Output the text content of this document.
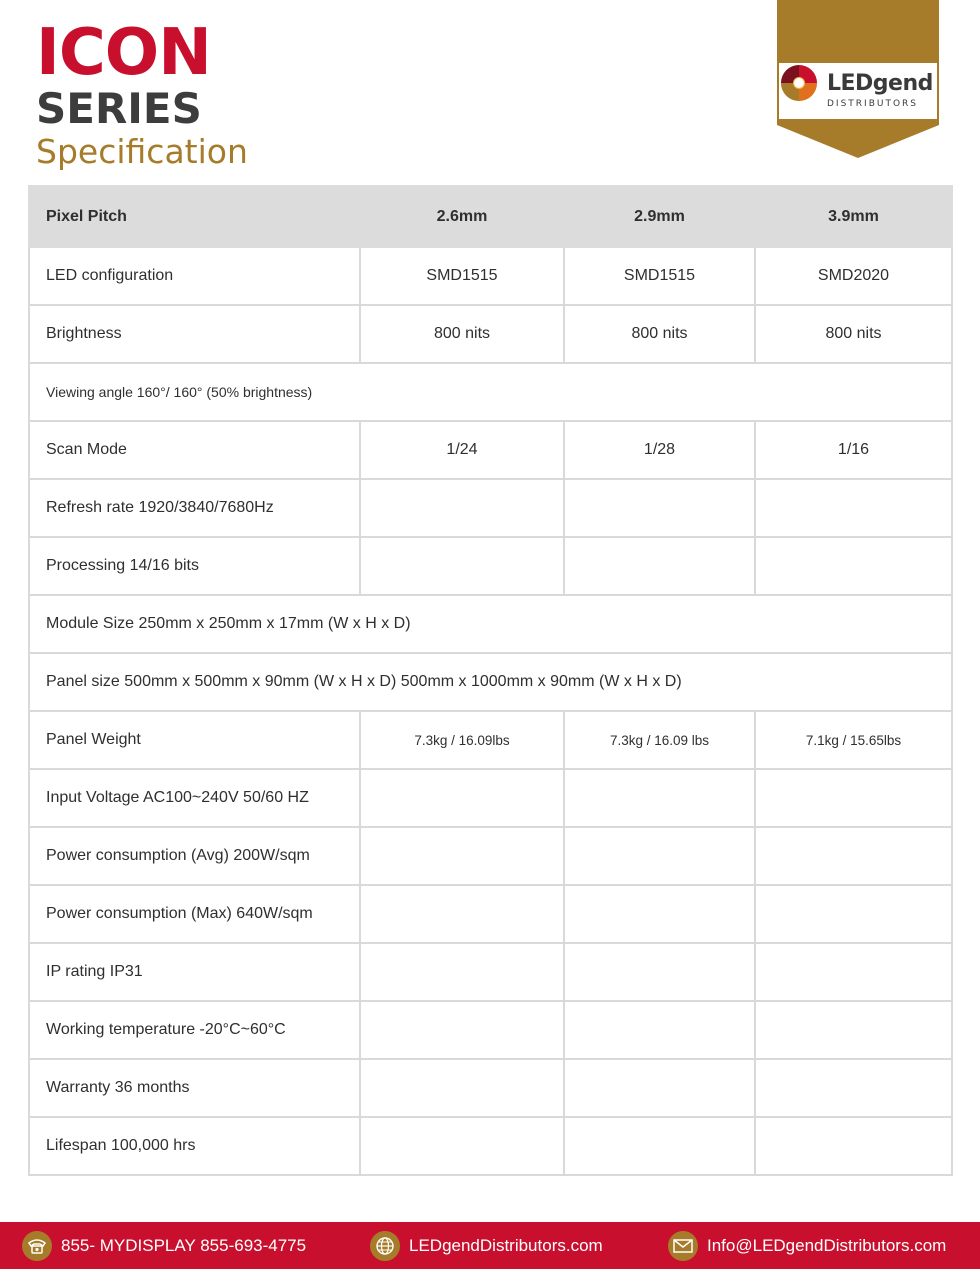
ICON
SERIES
Specification
LEDgend
DISTRIBUTORS
Pixel Pitch	2.6mm	2.9mm	3.9mm
LED configuration	SMD1515	SMD1515	SMD2020
Brightness	800 nits	800 nits	800 nits
Viewing angle 160°/ 160° (50% brightness)			
Scan Mode	1/24	1/28	1/16
Refresh rate 1920/3840/7680Hz			
Processing 14/16 bits			
Module Size 250mm x 250mm x 17mm (W x H x D)			
Panel size 500mm x 500mm x 90mm (W x H x D) 500mm x 1000mm x 90mm (W x H x D)			
Panel Weight	7.3kg / 16.09lbs	7.3kg / 16.09 lbs	7.1kg / 15.65lbs
Input Voltage AC100~240V 50/60 HZ			
Power consumption (Avg) 200W/sqm			
Power consumption (Max) 640W/sqm			
IP rating IP31			
Working temperature -20°C~60°C			
Warranty 36 months			
Lifespan 100,000 hrs			
855- MYDISPLAY 855-693-4775	LEDgendDistributors.com	Info@LEDgendDistributors.com
